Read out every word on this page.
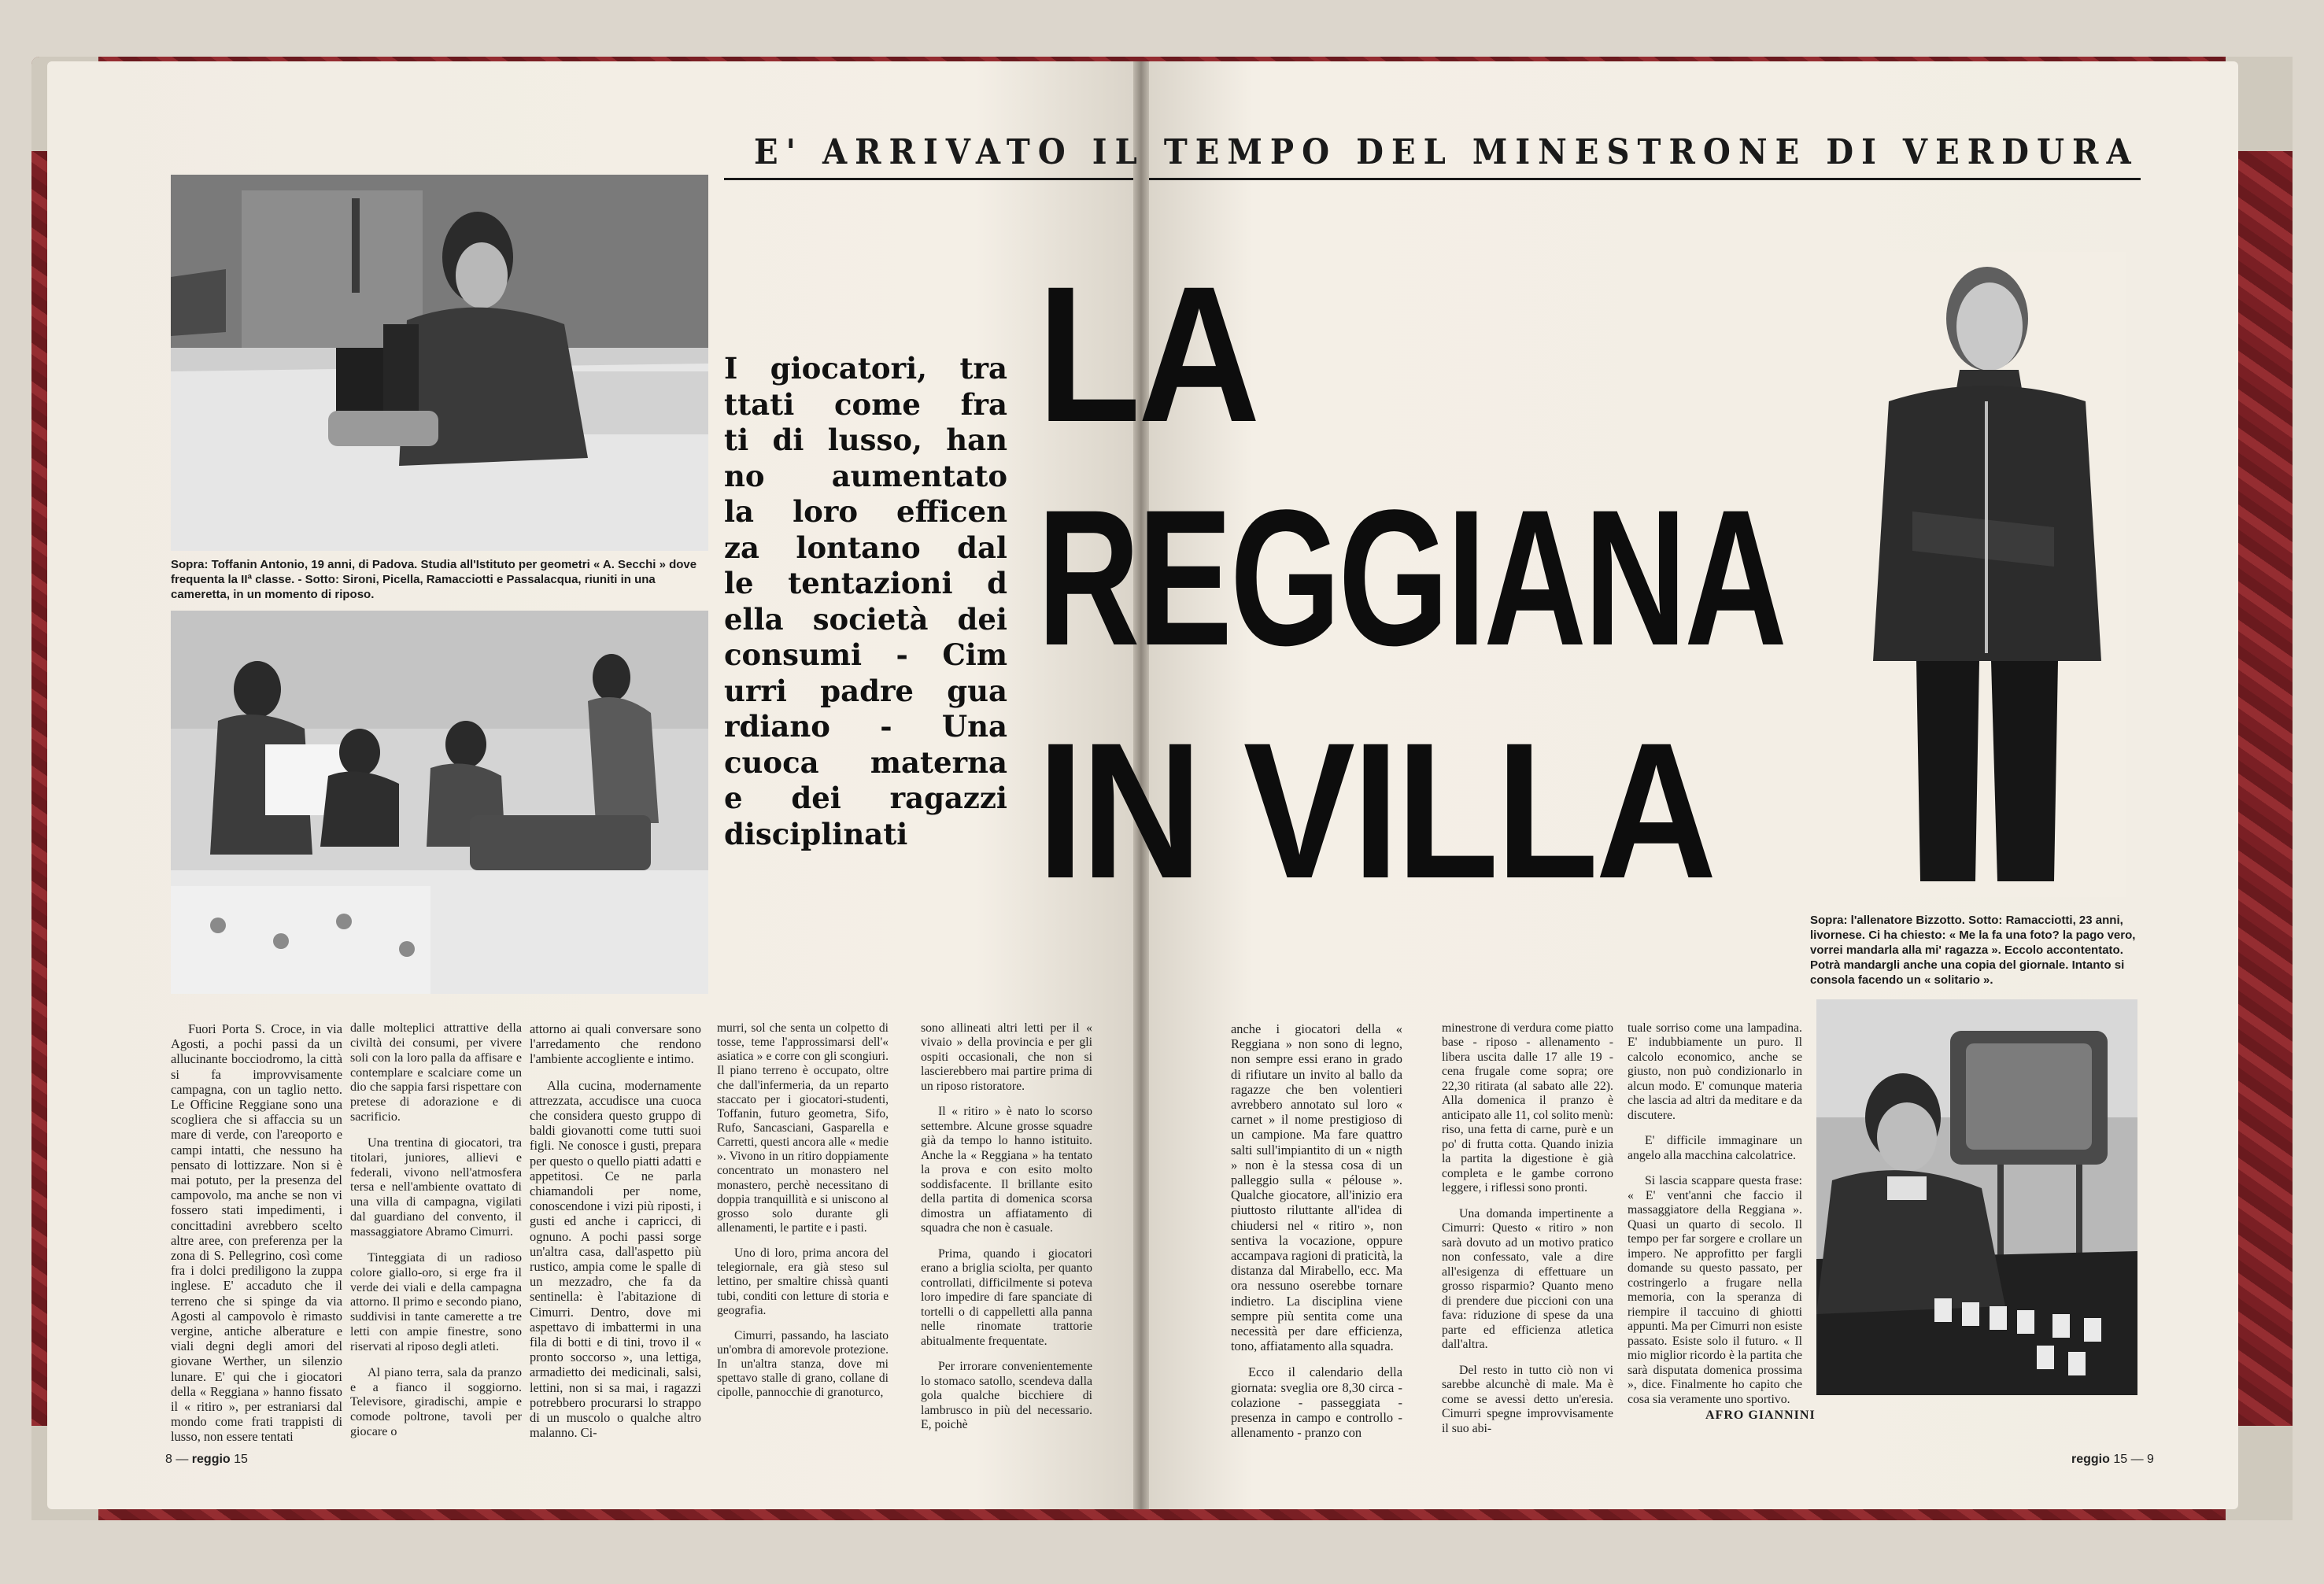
E' ARRIVATO IL TEMPO DEL MINESTRONE DI VERDURA
Sopra: Toffanin Antonio, 19 anni, di Padova. Studia all'Istituto per geometri « A. Secchi » dove frequenta la IIª classe. - Sotto: Sironi, Picella, Ramacciotti e Passalacqua, riuniti in una cameretta, in un momento di riposo.
Sopra: l'allenatore Bizzotto. Sotto: Ramacciotti, 23 anni, livornese. Ci ha chiesto: « Me la fa una foto? la pago vero, vorrei mandarla alla mi' ragazza ». Eccolo accontentato. Potrà mandargli anche una copia del giornale. Intanto si consola facendo un « solitario ».
I giocatori, tra
ttati come fra
ti di lusso, han
no aumentato
la loro efficen
za lontano dal
le tentazioni d
ella società dei
consumi - Cim
urri padre gua
rdiano - Una
cuoca materna
e dei ragazzi
disciplinati
LA
REGGIANA
IN VILLA

Fuori Porta S. Croce, in via Agosti, a pochi passi da un allucinante bocciodromo, la città si fa improvvisamente campagna, con un taglio netto. Le Officine Reggiane sono una scogliera che si affaccia su un mare di verde, con l'areoporto e campi intatti, che nessuno ha pensato di lottizzare. Non si è mai potuto, per la presenza del campovolo, ma anche se non vi fossero stati impedimenti, i concittadini avrebbero scelto altre aree, con preferenza per la zona di S. Pellegrino, così come fra i dolci prediligono la zuppa inglese. E' accaduto che il terreno che si spinge da via Agosti al campovolo è rimasto vergine, antiche alberature e viali degni degli amori del giovane Werther, un silenzio lunare. E' qui che i giocatori della « Reggiana » hanno fissato il « ritiro », per estraniarsi dal mondo come frati trappisti di lusso, non essere tentati

dalle molteplici attrattive della civiltà dei consumi, per vivere soli con la loro palla da affisare e contemplare e scalciare come un dio che sappia farsi rispettare con pretese di adorazione e di sacrificio.

Una trentina di giocatori, tra titolari, juniores, allievi e federali, vivono nell'atmosfera tersa e nell'ambiente ovattato di una villa di campagna, vigilati dal guardiano del convento, il massaggiatore Abramo Cimurri.

Tinteggiata di un radioso colore giallo-oro, si erge fra il verde dei viali e della campagna attorno. Il primo e secondo piano, suddivisi in tante camerette a tre letti con ampie finestre, sono riservati al riposo degli atleti.

Al piano terra, sala da pranzo e a fianco il soggiorno. Televisore, giradischi, ampie e comode poltrone, tavoli per giocare o

attorno ai quali conversare sono l'arredamento che rendono l'ambiente accogliente e intimo.

Alla cucina, modernamente attrezzata, accudisce una cuoca che considera questo gruppo di baldi giovanotti come tutti suoi figli. Ne conosce i gusti, prepara per questo o quello piatti adatti e appetitosi. Ce ne parla chiamandoli per nome, conoscendone i vizi più riposti, i gusti ed anche i capricci, di ognuno. A pochi passi sorge un'altra casa, dall'aspetto più rustico, ampia come le spalle di un mezzadro, che fa da sentinella: è l'abitazione di Cimurri. Dentro, dove mi aspettavo di imbattermi in una fila di botti e di tini, trovo il « pronto soccorso », una lettiga, armadietto dei medicinali, salsi, lettini, non si sa mai, i ragazzi potrebbero procurarsi lo strappo di un muscolo o qualche altro malanno. Ci-

murri, sol che senta un colpetto di tosse, teme l'approssimarsi dell'« asiatica » e corre con gli scongiuri. Il piano terreno è occupato, oltre che dall'infermeria, da un reparto staccato per i giocatori-studenti, Toffanin, futuro geometra, Sifo, Rufo, Sancasciani, Gasparella e Carretti, questi ancora alle « medie ». Vivono in un ritiro doppiamente concentrato un monastero nel monastero, perchè necessitano di doppia tranquillità e si uniscono al grosso solo durante gli allenamenti, le partite e i pasti.

Uno di loro, prima ancora del telegiornale, era già steso sul lettino, per smaltire chissà quanti tubi, conditi con letture di storia e geografia.

Cimurri, passando, ha lasciato un'ombra di amorevole protezione. In un'altra stanza, dove mi spettavo stalle di grano, collane di cipolle, pannocchie di granoturco,

sono allineati altri letti per il « vivaio » della provincia e per gli ospiti occasionali, che non si lascierebbero mai partire prima di un riposo ristoratore.

Il « ritiro » è nato lo scorso settembre. Alcune grosse squadre già da tempo lo hanno istituito. Anche la « Reggiana » ha tentato la prova e con esito molto soddisfacente. Il brillante esito della partita di domenica scorsa dimostra un affiatamento di squadra che non è casuale.

Prima, quando i giocatori erano a briglia sciolta, per quanto controllati, difficilmente si poteva loro impedire di fare spanciate di tortelli o di cappelletti alla panna nelle rinomate trattorie abitualmente frequentate.

Per irrorare convenientemente lo stomaco satollo, scendeva dalla gola qualche bicchiere di lambrusco in più del necessario. E, poichè

anche i giocatori della « Reggiana » non sono di legno, non sempre essi erano in grado di rifiutare un invito al ballo da ragazze che ben volentieri avrebbero annotato sul loro « carnet » il nome prestigioso di un campione. Ma fare quattro salti sull'impiantito di un « nigth » non è la stessa cosa di un palleggio sulla « pélouse ». Qualche giocatore, all'inizio era piuttosto riluttante all'idea di chiudersi nel « ritiro », non sentiva la vocazione, oppure accampava ragioni di praticità, la distanza dal Mirabello, ecc. Ma ora nessuno oserebbe tornare indietro. La disciplina viene sempre più sentita come una necessità per dare efficienza, tono, affiatamento alla squadra.

Ecco il calendario della giornata: sveglia ore 8,30 circa - colazione - passeggiata - presenza in campo e controllo - allenamento - pranzo con

minestrone di verdura come piatto base - riposo - allenamento - libera uscita dalle 17 alle 19 - cena frugale come sopra; ore 22,30 ritirata (al sabato alle 22). Alla domenica il pranzo è anticipato alle 11, col solito menù: riso, una fetta di carne, purè e un po' di frutta cotta. Quando inizia la partita la digestione è già completa e le gambe corrono leggere, i riflessi sono pronti.

Una domanda impertinente a Cimurri: Questo « ritiro » non sarà dovuto ad un motivo pratico non confessato, vale a dire all'esigenza di effettuare un grosso risparmio? Quanto meno di prendere due piccioni con una fava: riduzione di spese da una parte ed efficienza atletica dall'altra.

Del resto in tutto ciò non vi sarebbe alcunchè di male. Ma è come se avessi detto un'eresia. Cimurri spegne improvvisamente il suo abi-

tuale sorriso come una lampadina. E' indubbiamente un puro. Il calcolo economico, anche se giusto, non può condizionarlo in alcun modo. E' comunque materia che lascia ad altri da meditare e da discutere.

E' difficile immaginare un angelo alla macchina calcolatrice.

Si lascia scappare questa frase: « E' vent'anni che faccio il massaggiatore della Reggiana ». Quasi un quarto di secolo. Il tempo per far sorgere e crollare un impero. Ne approfitto per fargli domande su questo passato, per costringerlo a frugare nella memoria, con la speranza di riempire il taccuino di ghiotti appunti. Ma per Cimurri non esiste passato. Esiste solo il futuro. « Il mio miglior ricordo è la partita che sarà disputata domenica prossima », dice. Finalmente ho capito che cosa sia veramente uno sportivo.

AFRO GIANNINI
8 — reggio 15	reggio 15 — 9
